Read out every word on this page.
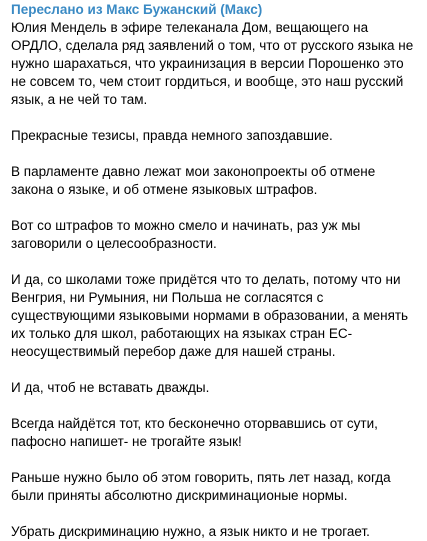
Переслано из Макс Бужанский (Макс)

Юлия Мендель в эфире телеканала Дом, вещающего на ОРДЛО, сделала ряд заявлений о том, что от русского языка не нужно шарахаться, что украинизация в версии Порошенко это не совсем то, чем стоит гордиться, и вообще, это наш русский язык, а не чей то там.

Прекрасные тезисы, правда немного запоздавшие.

В парламенте давно лежат мои законопроекты об отмене закона о языке, и об отмене языковых штрафов.

Вот со штрафов то можно смело и начинать, раз уж мы заговорили о целесообразности.

И да, со школами тоже придётся что то делать, потому что ни Венгрия, ни Румыния, ни Польша не согласятся с существующими языковыми нормами в образовании, а менять их только для школ, работающих на языках стран ЕС- неосуществимый перебор даже для нашей страны.

И да, чтоб не вставать дважды.

Всегда найдётся тот, кто бесконечно оторвавшись от сути, пафосно напишет- не трогайте язык!

Раньше нужно было об этом говорить, пять лет назад, когда были приняты абсолютно дискриминационые нормы.

Убрать дискриминацию нужно, а язык никто и не трогает.
